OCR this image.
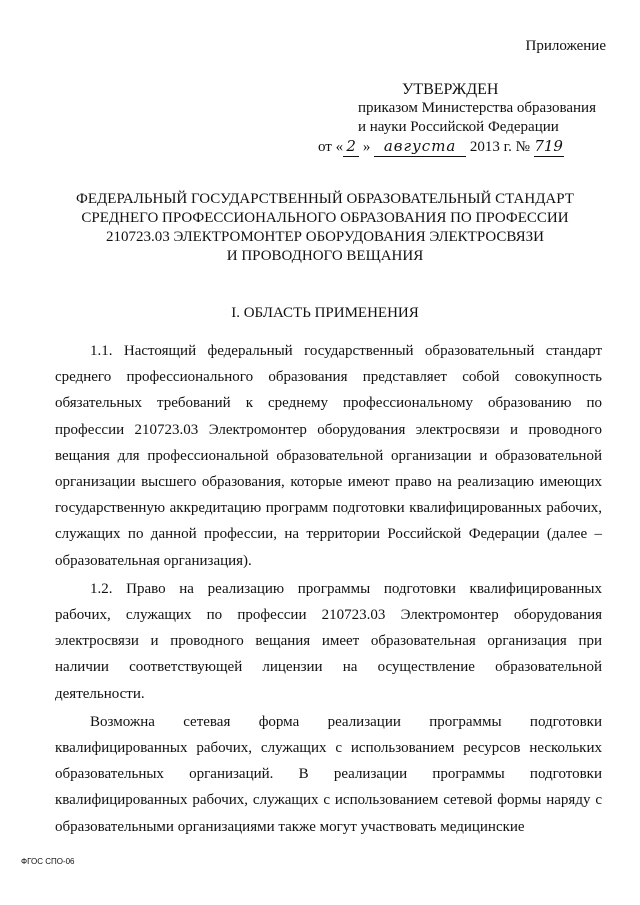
Приложение
УТВЕРЖДЕН
приказом Министерства образования
и науки Российской Федерации
от « 2 » августа 2013 г. № 719
ФЕДЕРАЛЬНЫЙ ГОСУДАРСТВЕННЫЙ ОБРАЗОВАТЕЛЬНЫЙ СТАНДАРТ
СРЕДНЕГО ПРОФЕССИОНАЛЬНОГО ОБРАЗОВАНИЯ ПО ПРОФЕССИИ
210723.03 ЭЛЕКТРОМОНТЕР ОБОРУДОВАНИЯ ЭЛЕКТРОСВЯЗИ
И ПРОВОДНОГО ВЕЩАНИЯ
I. ОБЛАСТЬ ПРИМЕНЕНИЯ

1.1. Настоящий федеральный государственный образовательный стандарт среднего профессионального образования представляет собой совокупность обязательных требований к среднему профессиональному образованию по профессии 210723.03 Электромонтер оборудования электросвязи и проводного вещания для профессиональной образовательной организации и образовательной организации высшего образования, которые имеют право на реализацию имеющих государственную аккредитацию программ подготовки квалифицированных рабочих, служащих по данной профессии, на территории Российской Федерации (далее – образовательная организация).

1.2. Право на реализацию программы подготовки квалифицированных рабочих, служащих по профессии 210723.03 Электромонтер оборудования электросвязи и проводного вещания имеет образовательная организация при наличии соответствующей лицензии на осуществление образовательной деятельности.

Возможна сетевая форма реализации программы подготовки квалифицированных рабочих, служащих с использованием ресурсов нескольких образовательных организаций. В реализации программы подготовки квалифицированных рабочих, служащих с использованием сетевой формы наряду с образовательными организациями также могут участвовать медицинские

ФГОС СПО-06
